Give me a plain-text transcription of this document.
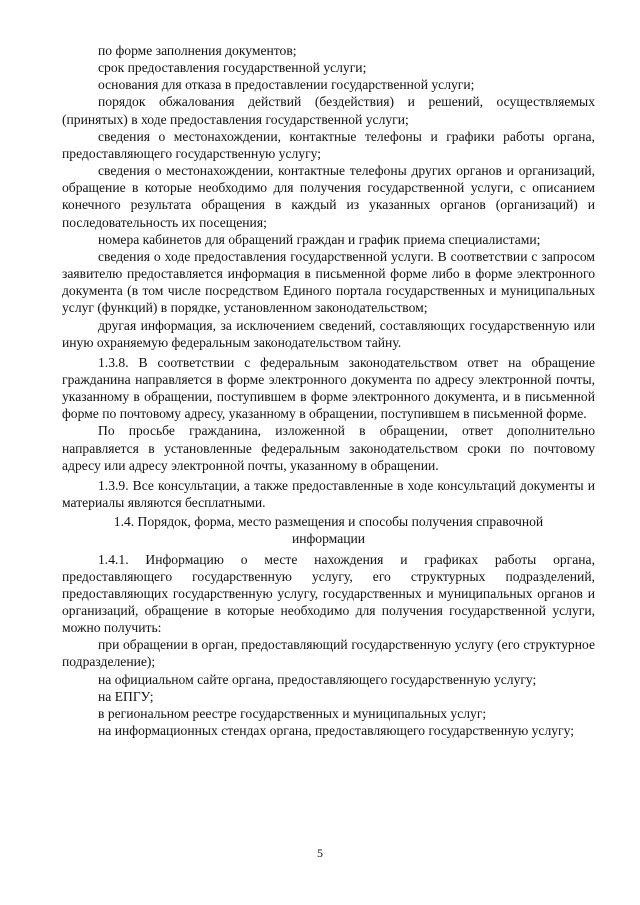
по форме заполнения документов;

срок предоставления государственной услуги;

основания для отказа в предоставлении государственной услуги;

порядок обжалования действий (бездействия) и решений, осуществляемых (принятых) в ходе предоставления государственной услуги;

сведения о местонахождении, контактные телефоны и графики работы органа, предоставляющего государственную услугу;

сведения о местонахождении, контактные телефоны других органов и организаций, обращение в которые необходимо для получения государственной услуги, с описанием конечного результата обращения в каждый из указанных органов (организаций) и последовательность их посещения;

номера кабинетов для обращений граждан и график приема специалистами;

сведения о ходе предоставления государственной услуги. В соответствии с запросом заявителю предоставляется информация в письменной форме либо в форме электронного документа (в том числе посредством Единого портала государственных и муниципальных услуг (функций) в порядке, установленном законодательством;

другая информация, за исключением сведений, составляющих государственную или иную охраняемую федеральным законодательством тайну.

1.3.8. В соответствии с федеральным законодательством ответ на обращение гражданина направляется в форме электронного документа по адресу электронной почты, указанному в обращении, поступившем в форме электронного документа, и в письменной форме по почтовому адресу, указанному в обращении, поступившем в письменной форме.

По просьбе гражданина, изложенной в обращении, ответ дополнительно направляется в установленные федеральным законодательством сроки по почтовому адресу или адресу электронной почты, указанному в обращении.

1.3.9. Все консультации, а также предоставленные в ходе консультаций документы и материалы являются бесплатными.

1.4. Порядок, форма, место размещения и способы получения справочной информации

1.4.1. Информацию о месте нахождения и графиках работы органа, предоставляющего государственную услугу, его структурных подразделений, предоставляющих государственную услугу, государственных и муниципальных органов и организаций, обращение в которые необходимо для получения государственной услуги, можно получить:

при обращении в орган, предоставляющий государственную услугу (его структурное подразделение);

на официальном сайте органа, предоставляющего государственную услугу;

на ЕПГУ;

в региональном реестре государственных и муниципальных услуг;

на информационных стендах органа, предоставляющего государственную услугу;

5
